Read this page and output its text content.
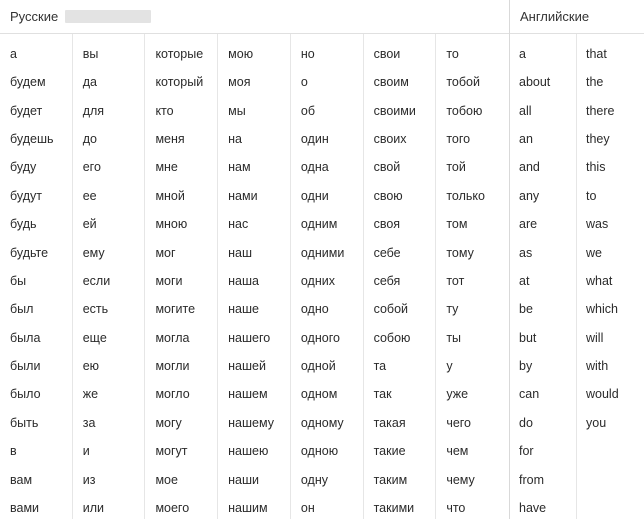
Русские
а
будем
будет
будешь
буду
будут
будь
будьте
бы
был
была
были
было
быть
в
вам
вами
вы
да
для
до
его
ее
ей
ему
если
есть
еще
ею
же
за
и
из
или
которые
который
кто
меня
мне
мной
мною
мог
моги
могите
могла
могли
могло
могу
могут
мое
моего
мою
моя
мы
на
нам
нами
нас
наш
наша
наше
нашего
нашей
нашем
нашему
нашею
наши
нашим
но
о
об
один
одна
одни
одним
одними
одних
одно
одного
одной
одном
одному
одною
одну
он
свои
своим
своими
своих
свой
свою
своя
себе
себя
собой
собою
та
так
такая
такие
таким
такими
то
тобой
тобою
того
той
только
том
тому
тот
ту
ты
у
уже
чего
чем
чему
что
Английские
a
about
all
an
and
any
are
as
at
be
but
by
can
do
for
from
have
that
the
there
they
this
to
was
we
what
which
will
with
would
you
